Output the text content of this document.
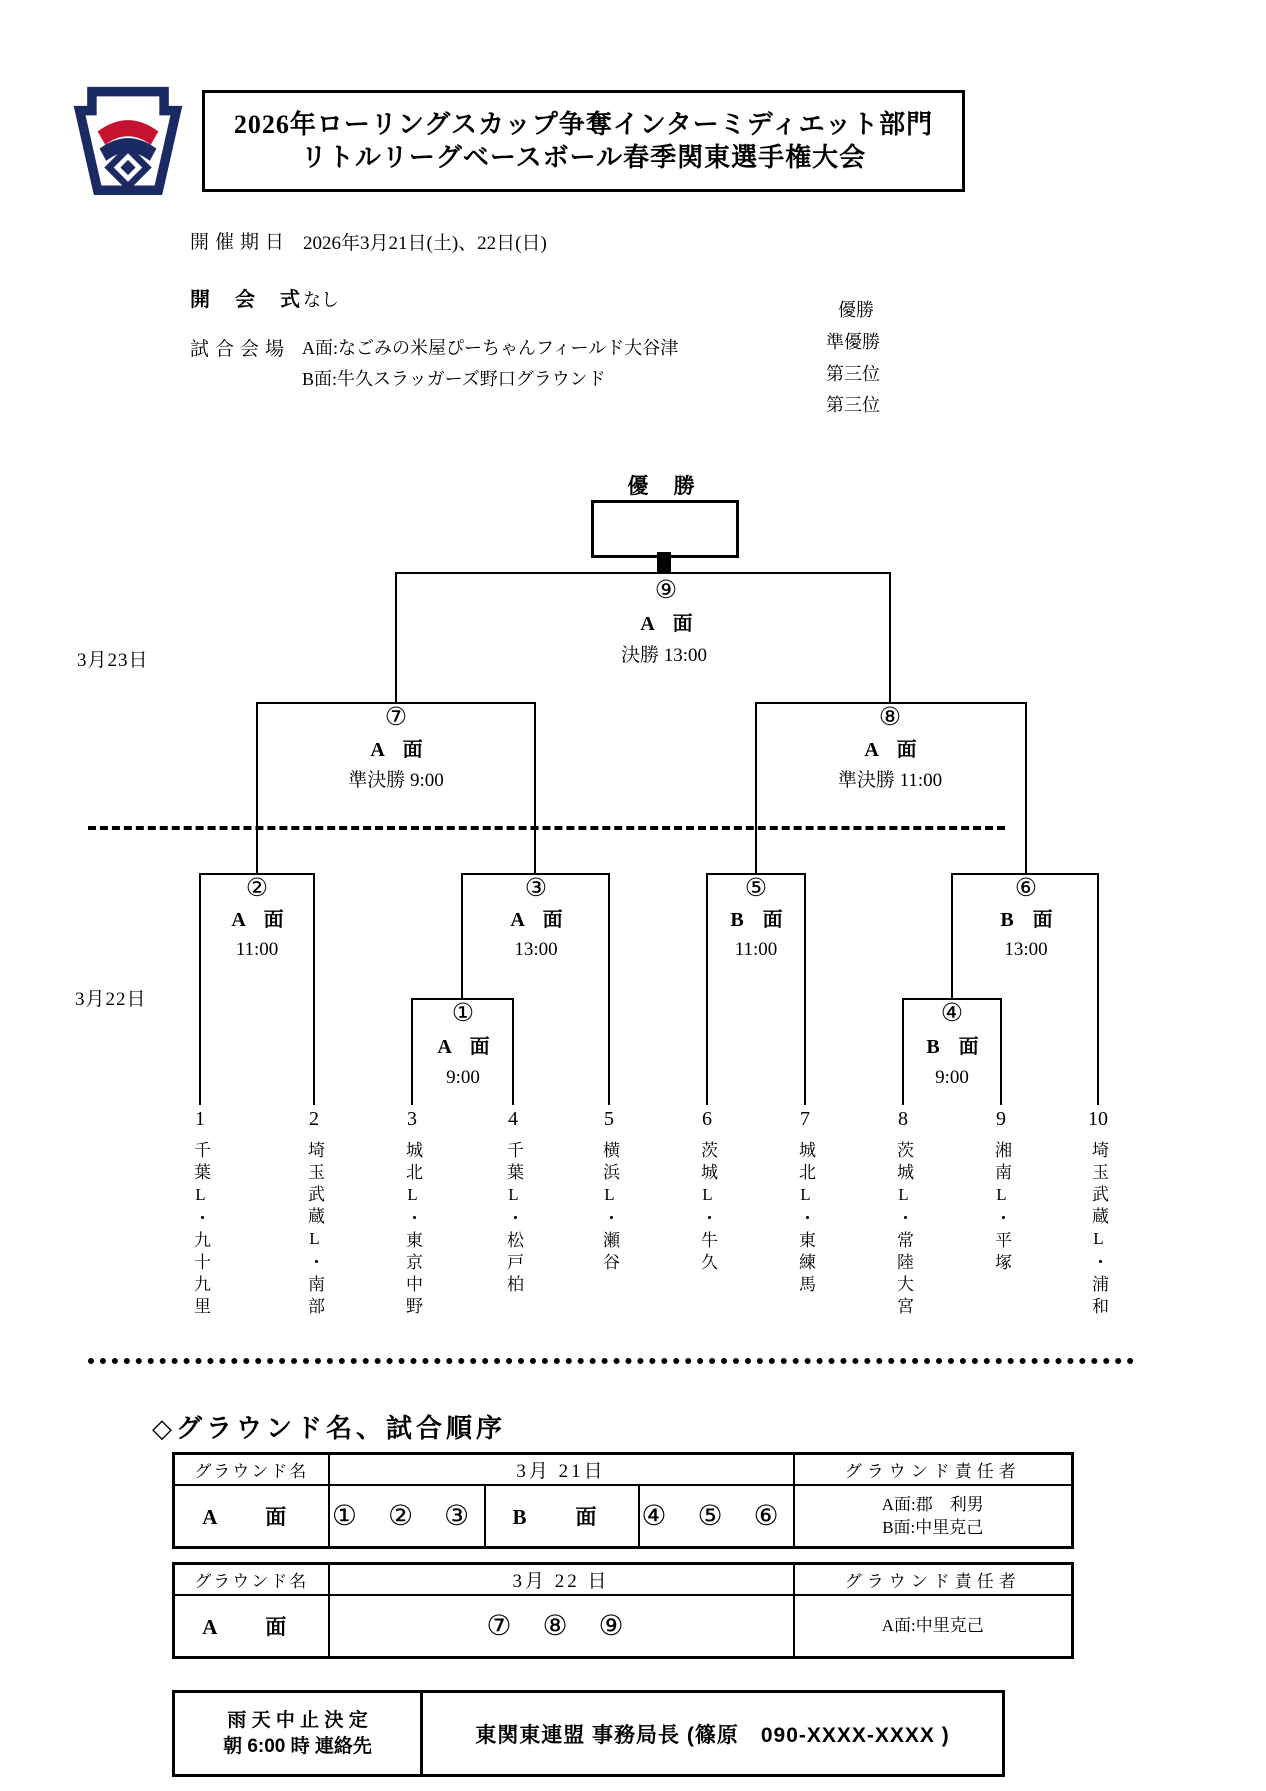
2026年ローリングスカップ争奪インターミディエット部門
リトルリーグベースボール春季関東選手権大会
開催期日 2026年3月21日(土)、22日(日)
開 会 式
なし
試合会場 A面:なごみの米屋ぴーちゃんフィールド大谷津
B面:牛久スラッガーズ野口グラウンド
優勝
準優勝
第三位
第三位
優 勝
3月23日
3月22日
⑨
A 面
決勝 13:00
⑦
A 面
準決勝 9:00
⑧
A 面
準決勝 11:00
②
A 面
11:00
③
A 面
13:00
⑤
B 面
11:00
⑥
B 面
13:00
①
A 面
9:00
④
B 面
9:00
1
千葉L・九十九里
2
埼玉武蔵L・南部
3
城北L・東京中野
4
千葉L・松戸柏
5
横浜L・瀬谷
6
茨城L・牛久
7
城北L・東練馬
8
茨城L・常陸大宮
9
湘南L・平塚
10
埼玉武蔵L・浦和
◇グラウンド名、試合順序
グラウンド名	3月 21日			グラウンド責任者
A　面	① ② ③	B　面	④ ⑤ ⑥	A面:郡　利男
B面:中里克己
グラウンド名	3月 22 日	グラウンド責任者
A　面	⑦ ⑧ ⑨	A面:中里克己
雨 天 中 止 決 定
朝 6:00 時 連絡先	東関東連盟 事務局長 (篠原　090-XXXX-XXXX )
